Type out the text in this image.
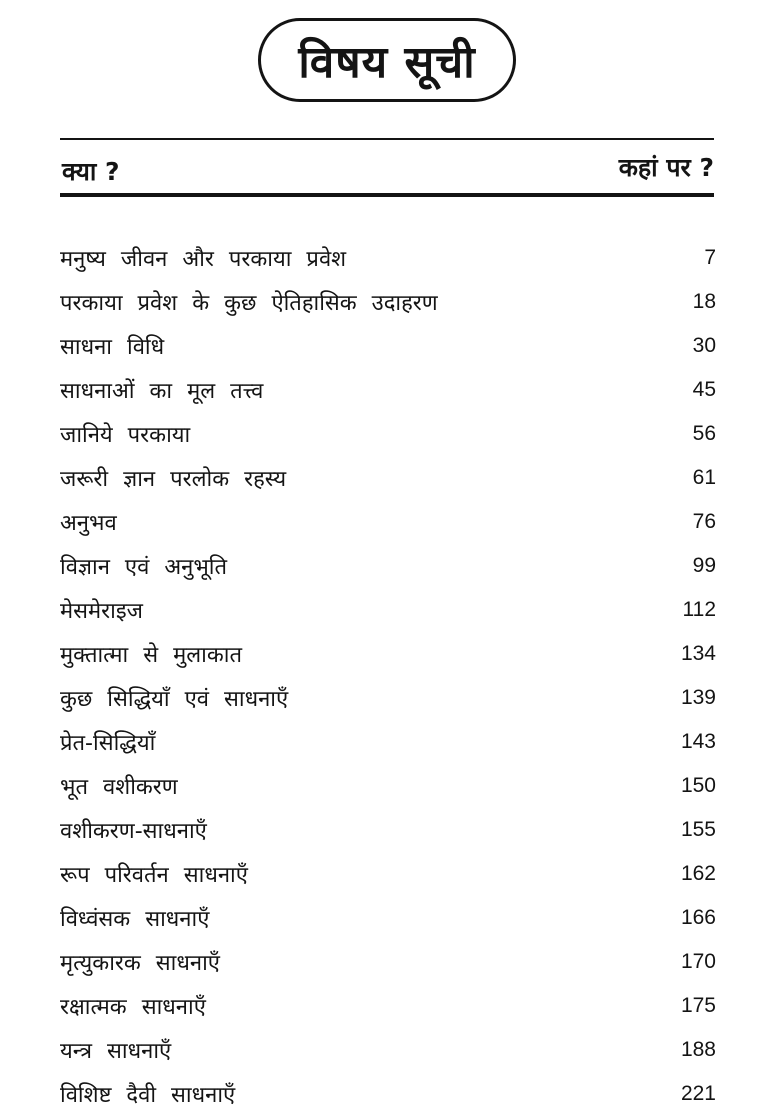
विषय सूची
क्या ?	कहां पर ?
मनुष्य जीवन और परकाया प्रवेश	7
परकाया प्रवेश के कुछ ऐतिहासिक उदाहरण	18
साधना विधि	30
साधनाओं का मूल तत्त्व	45
जानिये परकाया	56
जरूरी ज्ञान परलोक रहस्य	61
अनुभव	76
विज्ञान एवं अनुभूति	99
मेसमेराइज	112
मुक्तात्मा से मुलाकात	134
कुछ सिद्धियाँ एवं साधनाएँ	139
प्रेत-सिद्धियाँ	143
भूत वशीकरण	150
वशीकरण-साधनाएँ	155
रूप परिवर्तन साधनाएँ	162
विध्वंसक साधनाएँ	166
मृत्युकारक साधनाएँ	170
रक्षात्मक साधनाएँ	175
यन्त्र साधनाएँ	188
विशिष्ट दैवी साधनाएँ	221
